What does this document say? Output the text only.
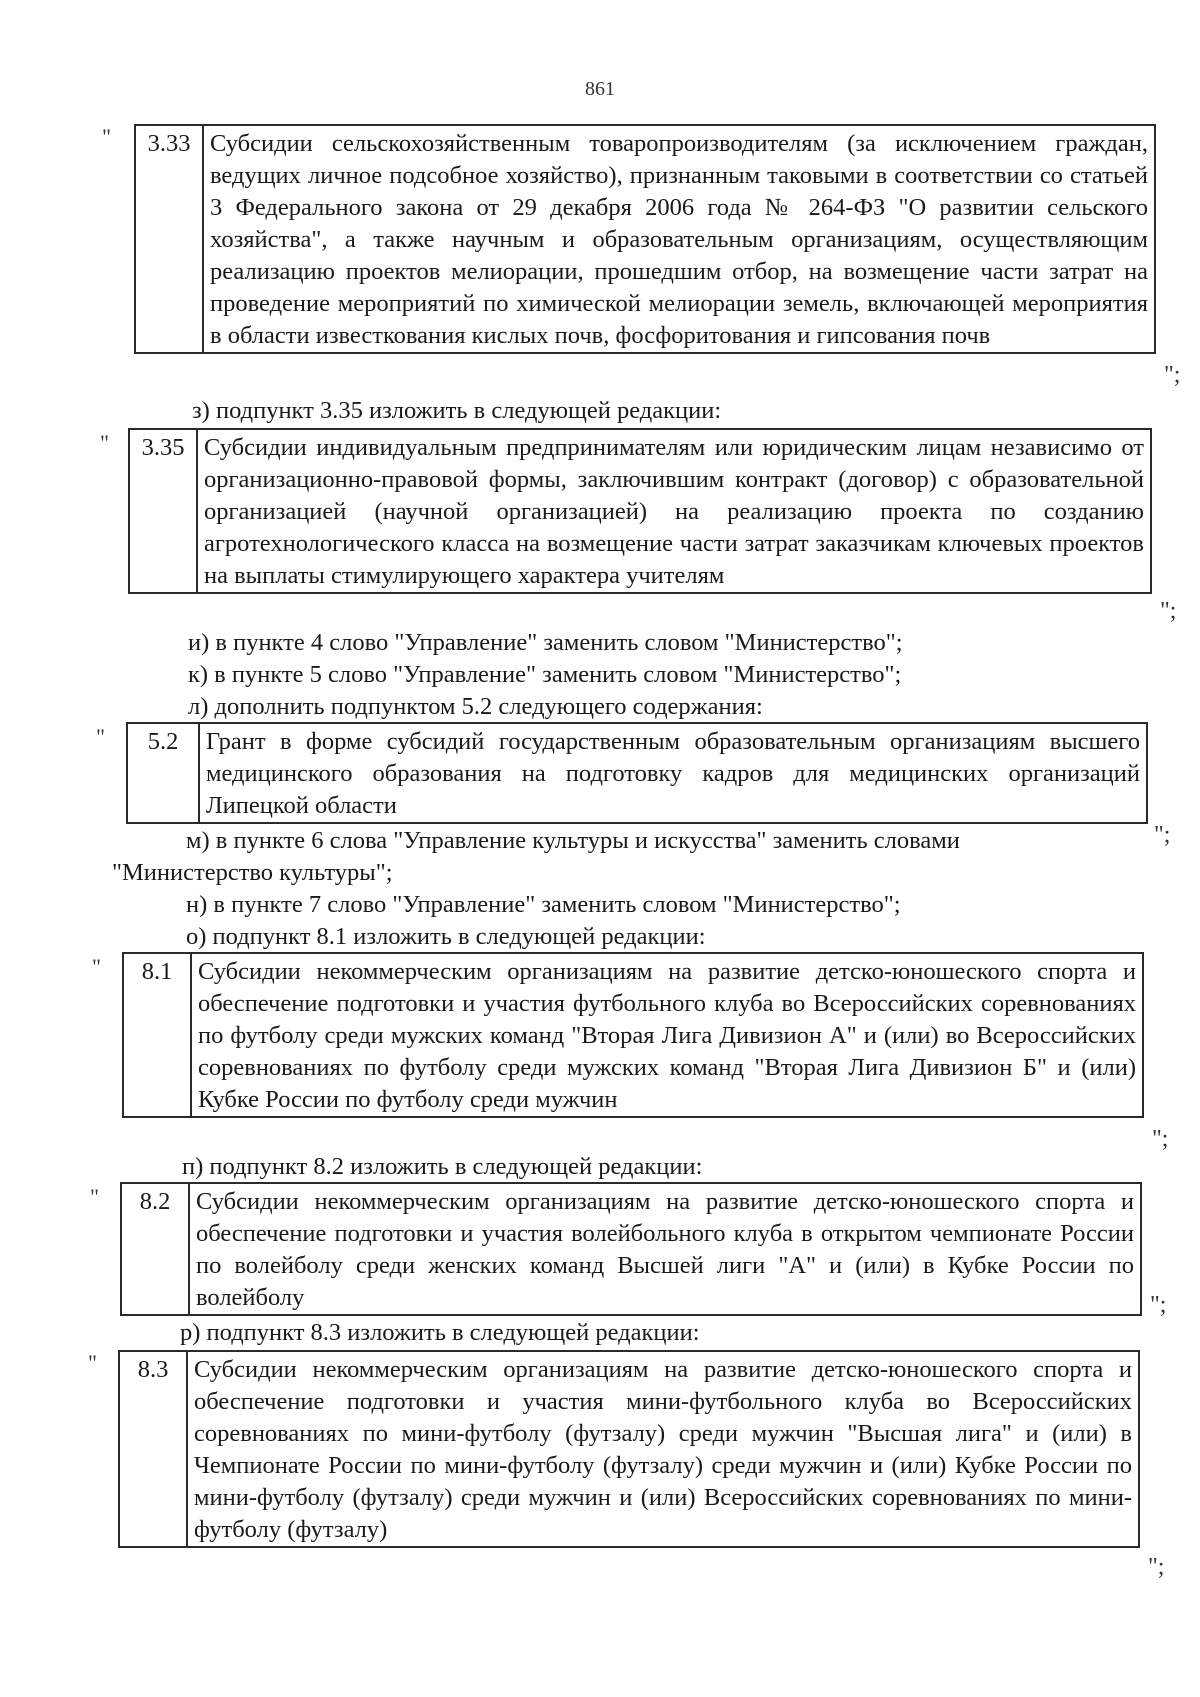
861
" 3.33	Субсидии сельскохозяйственным товаропроизводителям (за исключением граждан, ведущих личное подсобное хозяйство), признанным таковыми в соответствии со статьей 3 Федерального закона от 29 декабря 2006 года № 264-ФЗ "О развитии сельского хозяйства", а также научным и образовательным организациям, осуществляющим реализацию проектов мелиорации, прошедшим отбор, на возмещение части затрат на проведение мероприятий по химической мелиорации земель, включающей мероприятия в области известкования кислых почв, фосфоритования и гипсования почв
";
з) подпункт 3.35 изложить в следующей редакции:
" 3.35	Субсидии индивидуальным предпринимателям или юридическим лицам независимо от организационно-правовой формы, заключившим контракт (договор) с образовательной организацией (научной организацией) на реализацию проекта по созданию агротехнологического класса на возмещение части затрат заказчикам ключевых проектов на выплаты стимулирующего характера учителям
";
и) в пункте 4 слово "Управление" заменить словом "Министерство";
к) в пункте 5 слово "Управление" заменить словом "Министерство";
л) дополнить подпунктом 5.2 следующего содержания:
" 5.2	Грант в форме субсидий государственным образовательным организациям высшего медицинского образования на подготовку кадров для медицинских организаций Липецкой области
";
м) в пункте 6 слова "Управление культуры и искусства" заменить словами
"Министерство культуры";
н) в пункте 7 слово "Управление" заменить словом "Министерство";
о) подпункт 8.1 изложить в следующей редакции:
" 8.1	Субсидии некоммерческим организациям на развитие детско-юношеского спорта и обеспечение подготовки и участия футбольного клуба во Всероссийских соревнованиях по футболу среди мужских команд "Вторая Лига Дивизион А" и (или) во Всероссийских соревнованиях по футболу среди мужских команд "Вторая Лига Дивизион Б" и (или) Кубке России по футболу среди мужчин
";
п) подпункт 8.2 изложить в следующей редакции:
" 8.2	Субсидии некоммерческим организациям на развитие детско-юношеского спорта и обеспечение подготовки и участия волейбольного клуба в открытом чемпионате России по волейболу среди женских команд Высшей лиги "А" и (или) в Кубке России по волейболу	";
р) подпункт 8.3 изложить в следующей редакции:
" 8.3	Субсидии некоммерческим организациям на развитие детско-юношеского спорта и обеспечение подготовки и участия мини-футбольного клуба во Всероссийских соревнованиях по мини-футболу (футзалу) среди мужчин "Высшая лига" и (или) в Чемпионате России по мини-футболу (футзалу) среди мужчин и (или) Кубке России по мини-футболу (футзалу) среди мужчин и (или) Всероссийских соревнованиях по мини-футболу (футзалу)
";
